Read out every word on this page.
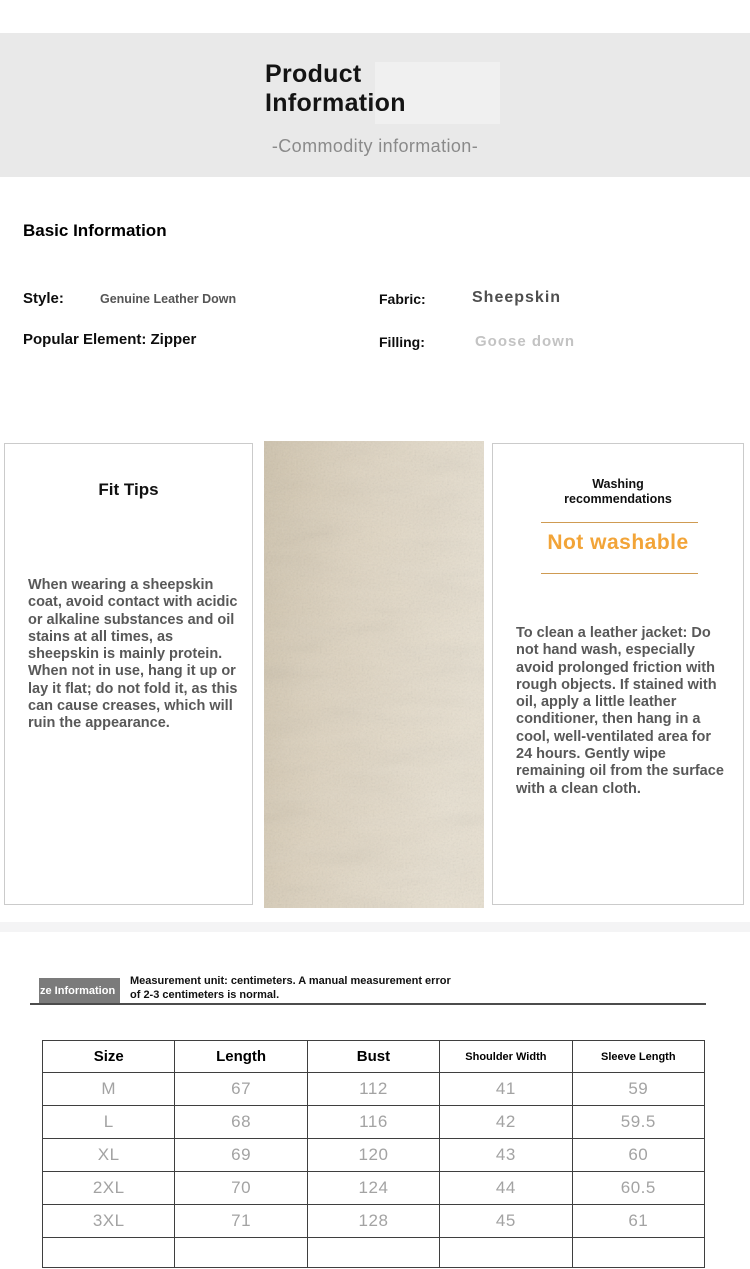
Product
Information
-Commodity information-
Basic Information
Style:	Genuine Leather Down	Fabric:	Sheepskin
Popular Element: Zipper	Filling:	Goose down
Fit Tips
When wearing a sheepskin coat, avoid contact with acidic or alkaline substances and oil stains at all times, as sheepskin is mainly protein. When not in use, hang it up or lay it flat; do not fold it, as this can cause creases, which will ruin the appearance.
Washing
recommendations
Not washable
To clean a leather jacket: Do not hand wash, especially avoid prolonged friction with rough objects. If stained with oil, apply a little leather conditioner, then hang in a cool, well-ventilated area for 24 hours. Gently wipe remaining oil from the surface with a clean cloth.
ze Information
Measurement unit: centimeters. A manual measurement error
of 2-3 centimeters is normal.
Size	Length	Bust	Shoulder Width	Sleeve Length
M	67	112	41	59
L	68	116	42	59.5
XL	69	120	43	60
2XL	70	124	44	60.5
3XL	71	128	45	61
